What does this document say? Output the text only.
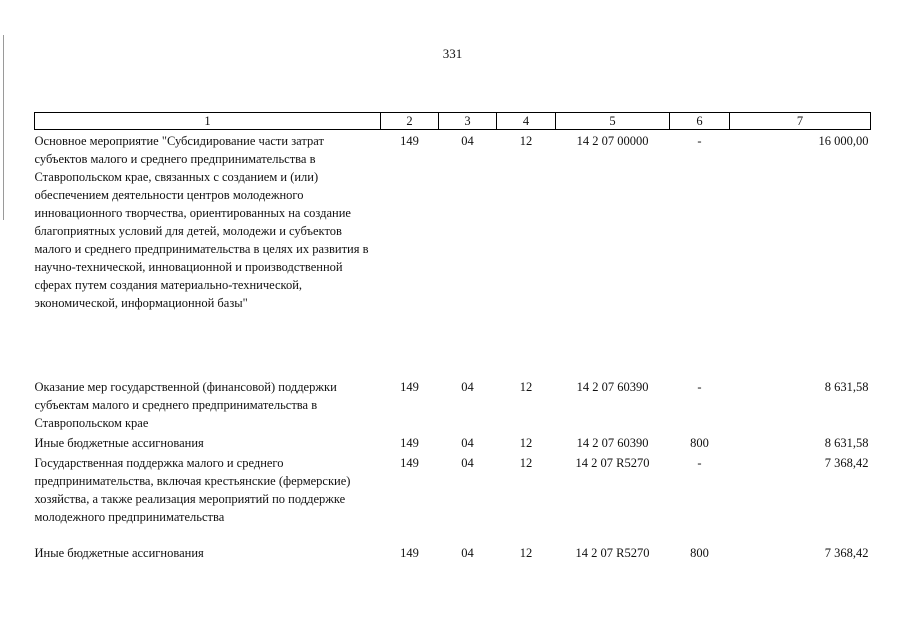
331
1	2	3	4	5	6	7
Основное мероприятие "Субсидирование части затрат субъектов малого и среднего предпринимательства в Ставропольском крае, связанных с созданием и (или) обеспечением деятельности центров молодежного инновационного творчества, ориентированных на создание благоприятных условий для детей, молодежи и субъектов малого и среднего предпринимательства в целях их развития в научно-технической, инновационной и производственной сферах путем создания материально-технической, экономической, информационной базы"	149	04	12	14 2 07 00000	-	16 000,00
Оказание мер государственной (финансовой) поддержки субъектам малого и среднего предпринимательства в Ставропольском крае	149	04	12	14 2 07 60390	-	8 631,58
Иные бюджетные ассигнования	149	04	12	14 2 07 60390	800	8 631,58
Государственная поддержка малого и среднего предпринимательства, включая крестьянские (фермерские) хозяйства, а также реализация мероприятий по поддержке молодежного предпринимательства	149	04	12	14 2 07 R5270	-	7 368,42
Иные бюджетные ассигнования	149	04	12	14 2 07 R5270	800	7 368,42
